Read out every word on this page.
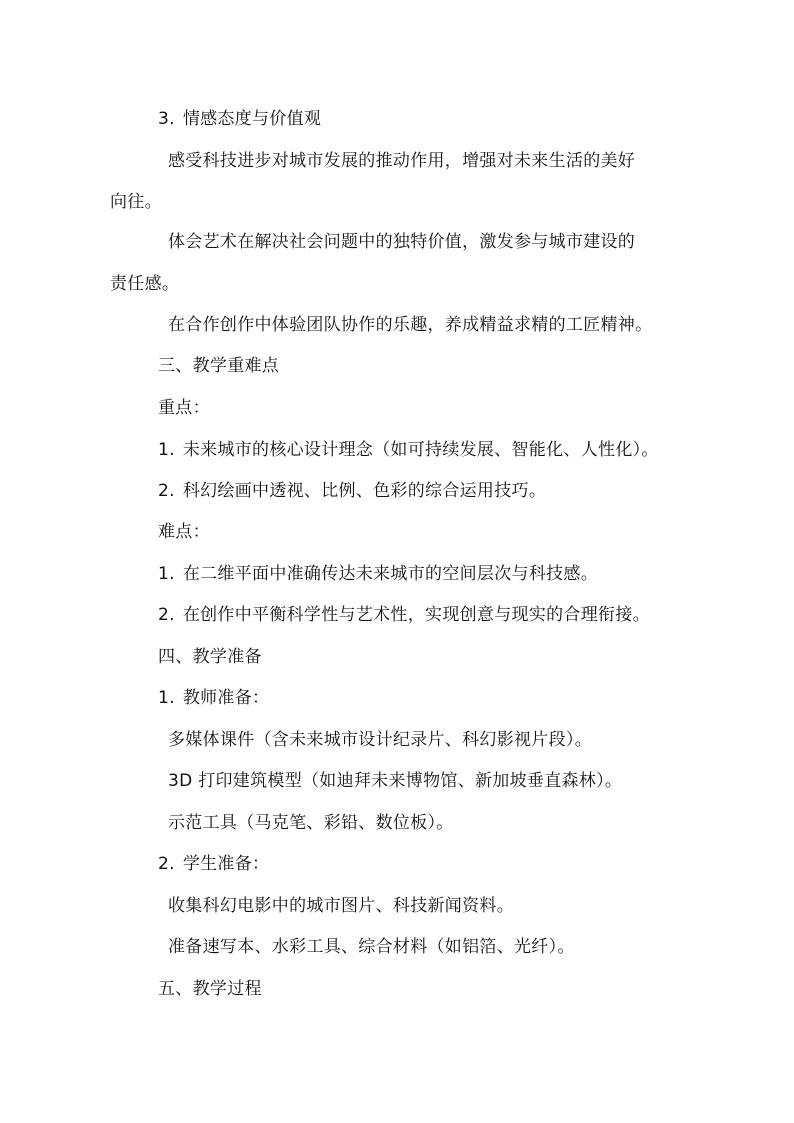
3. 情感态度与价值观
感受科技进步对城市发展的推动作用，增强对未来生活的美好
向往。
体会艺术在解决社会问题中的独特价值，激发参与城市建设的
责任感。
在合作创作中体验团队协作的乐趣，养成精益求精的工匠精神。
三、教学重难点
重点：
1. 未来城市的核心设计理念（如可持续发展、智能化、人性化）。
2. 科幻绘画中透视、比例、色彩的综合运用技巧。
难点：
1. 在二维平面中准确传达未来城市的空间层次与科技感。
2. 在创作中平衡科学性与艺术性，实现创意与现实的合理衔接。
四、教学准备
1. 教师准备：
多媒体课件（含未来城市设计纪录片、科幻影视片段）。
3D 打印建筑模型（如迪拜未来博物馆、新加坡垂直森林）。
示范工具（马克笔、彩铅、数位板）。
2. 学生准备：
收集科幻电影中的城市图片、科技新闻资料。
准备速写本、水彩工具、综合材料（如铝箔、光纤）。
五、教学过程
